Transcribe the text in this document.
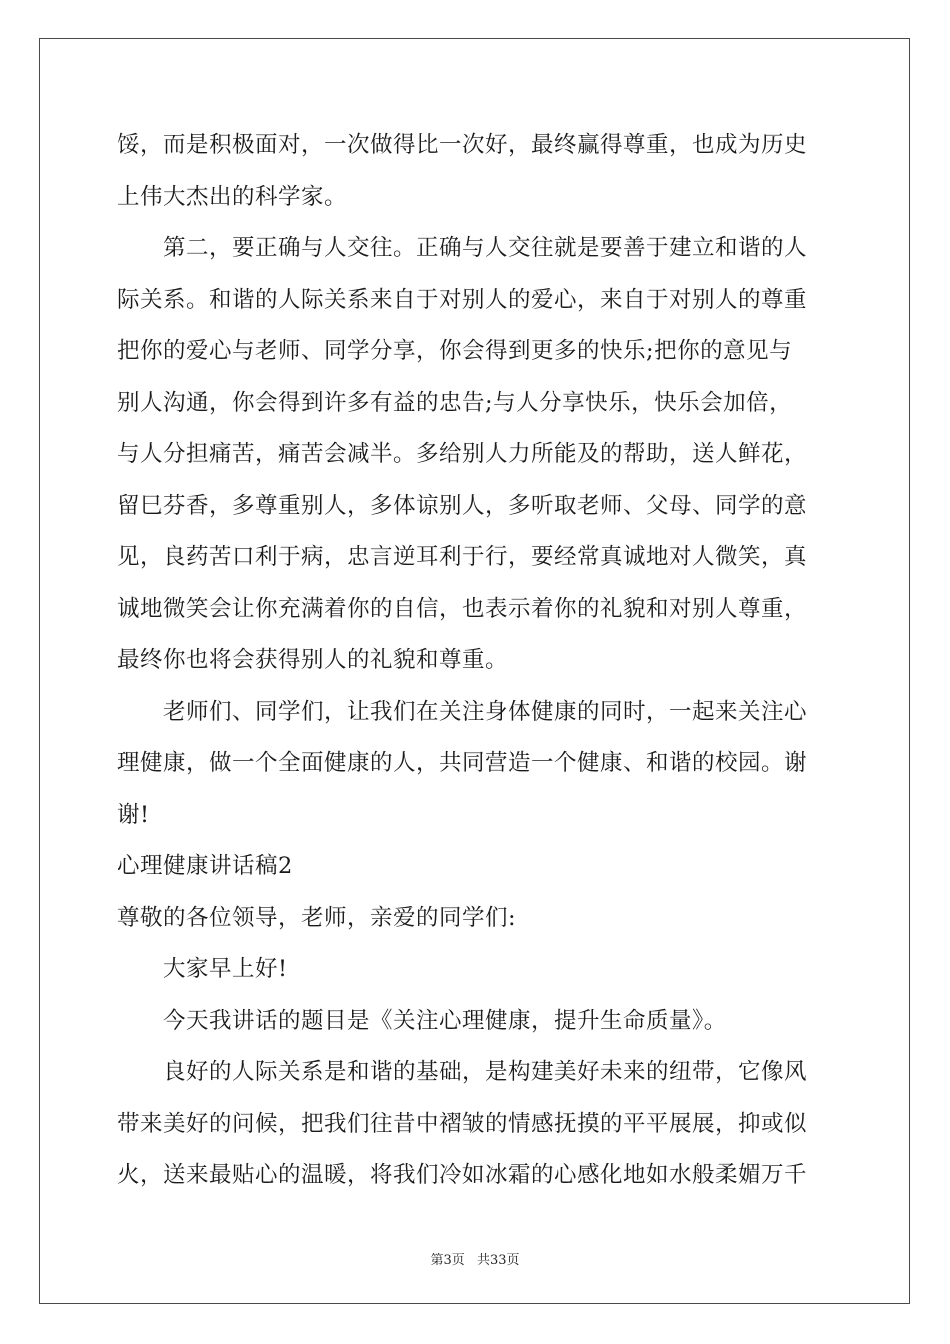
馁，而是积极面对，一次做得比一次好，最终赢得尊重，也成为历史
上伟大杰出的科学家。
　　第二，要正确与人交往。正确与人交往就是要善于建立和谐的人
际关系。和谐的人际关系来自于对别人的爱心，来自于对别人的尊重
把你的爱心与老师、同学分享，你会得到更多的快乐;把你的意见与
别人沟通，你会得到许多有益的忠告;与人分享快乐，快乐会加倍，
与人分担痛苦，痛苦会减半。多给别人力所能及的帮助，送人鲜花，
留巳芬香，多尊重别人，多体谅别人，多听取老师、父母、同学的意
见，良药苦口利于病，忠言逆耳利于行，要经常真诚地对人微笑，真
诚地微笑会让你充满着你的自信，也表示着你的礼貌和对别人尊重，
最终你也将会获得别人的礼貌和尊重。
　　老师们、同学们，让我们在关注身体健康的同时，一起来关注心
理健康，做一个全面健康的人，共同营造一个健康、和谐的校园。谢
谢!
心理健康讲话稿2
尊敬的各位领导，老师，亲爱的同学们:
　　大家早上好!
　　今天我讲话的题目是《关注心理健康，提升生命质量》。
　　良好的人际关系是和谐的基础，是构建美好未来的纽带，它像风
带来美好的问候，把我们往昔中褶皱的情感抚摸的平平展展，抑或似
火，送来最贴心的温暖，将我们冷如冰霜的心感化地如水般柔媚万千
第3页 共33页
